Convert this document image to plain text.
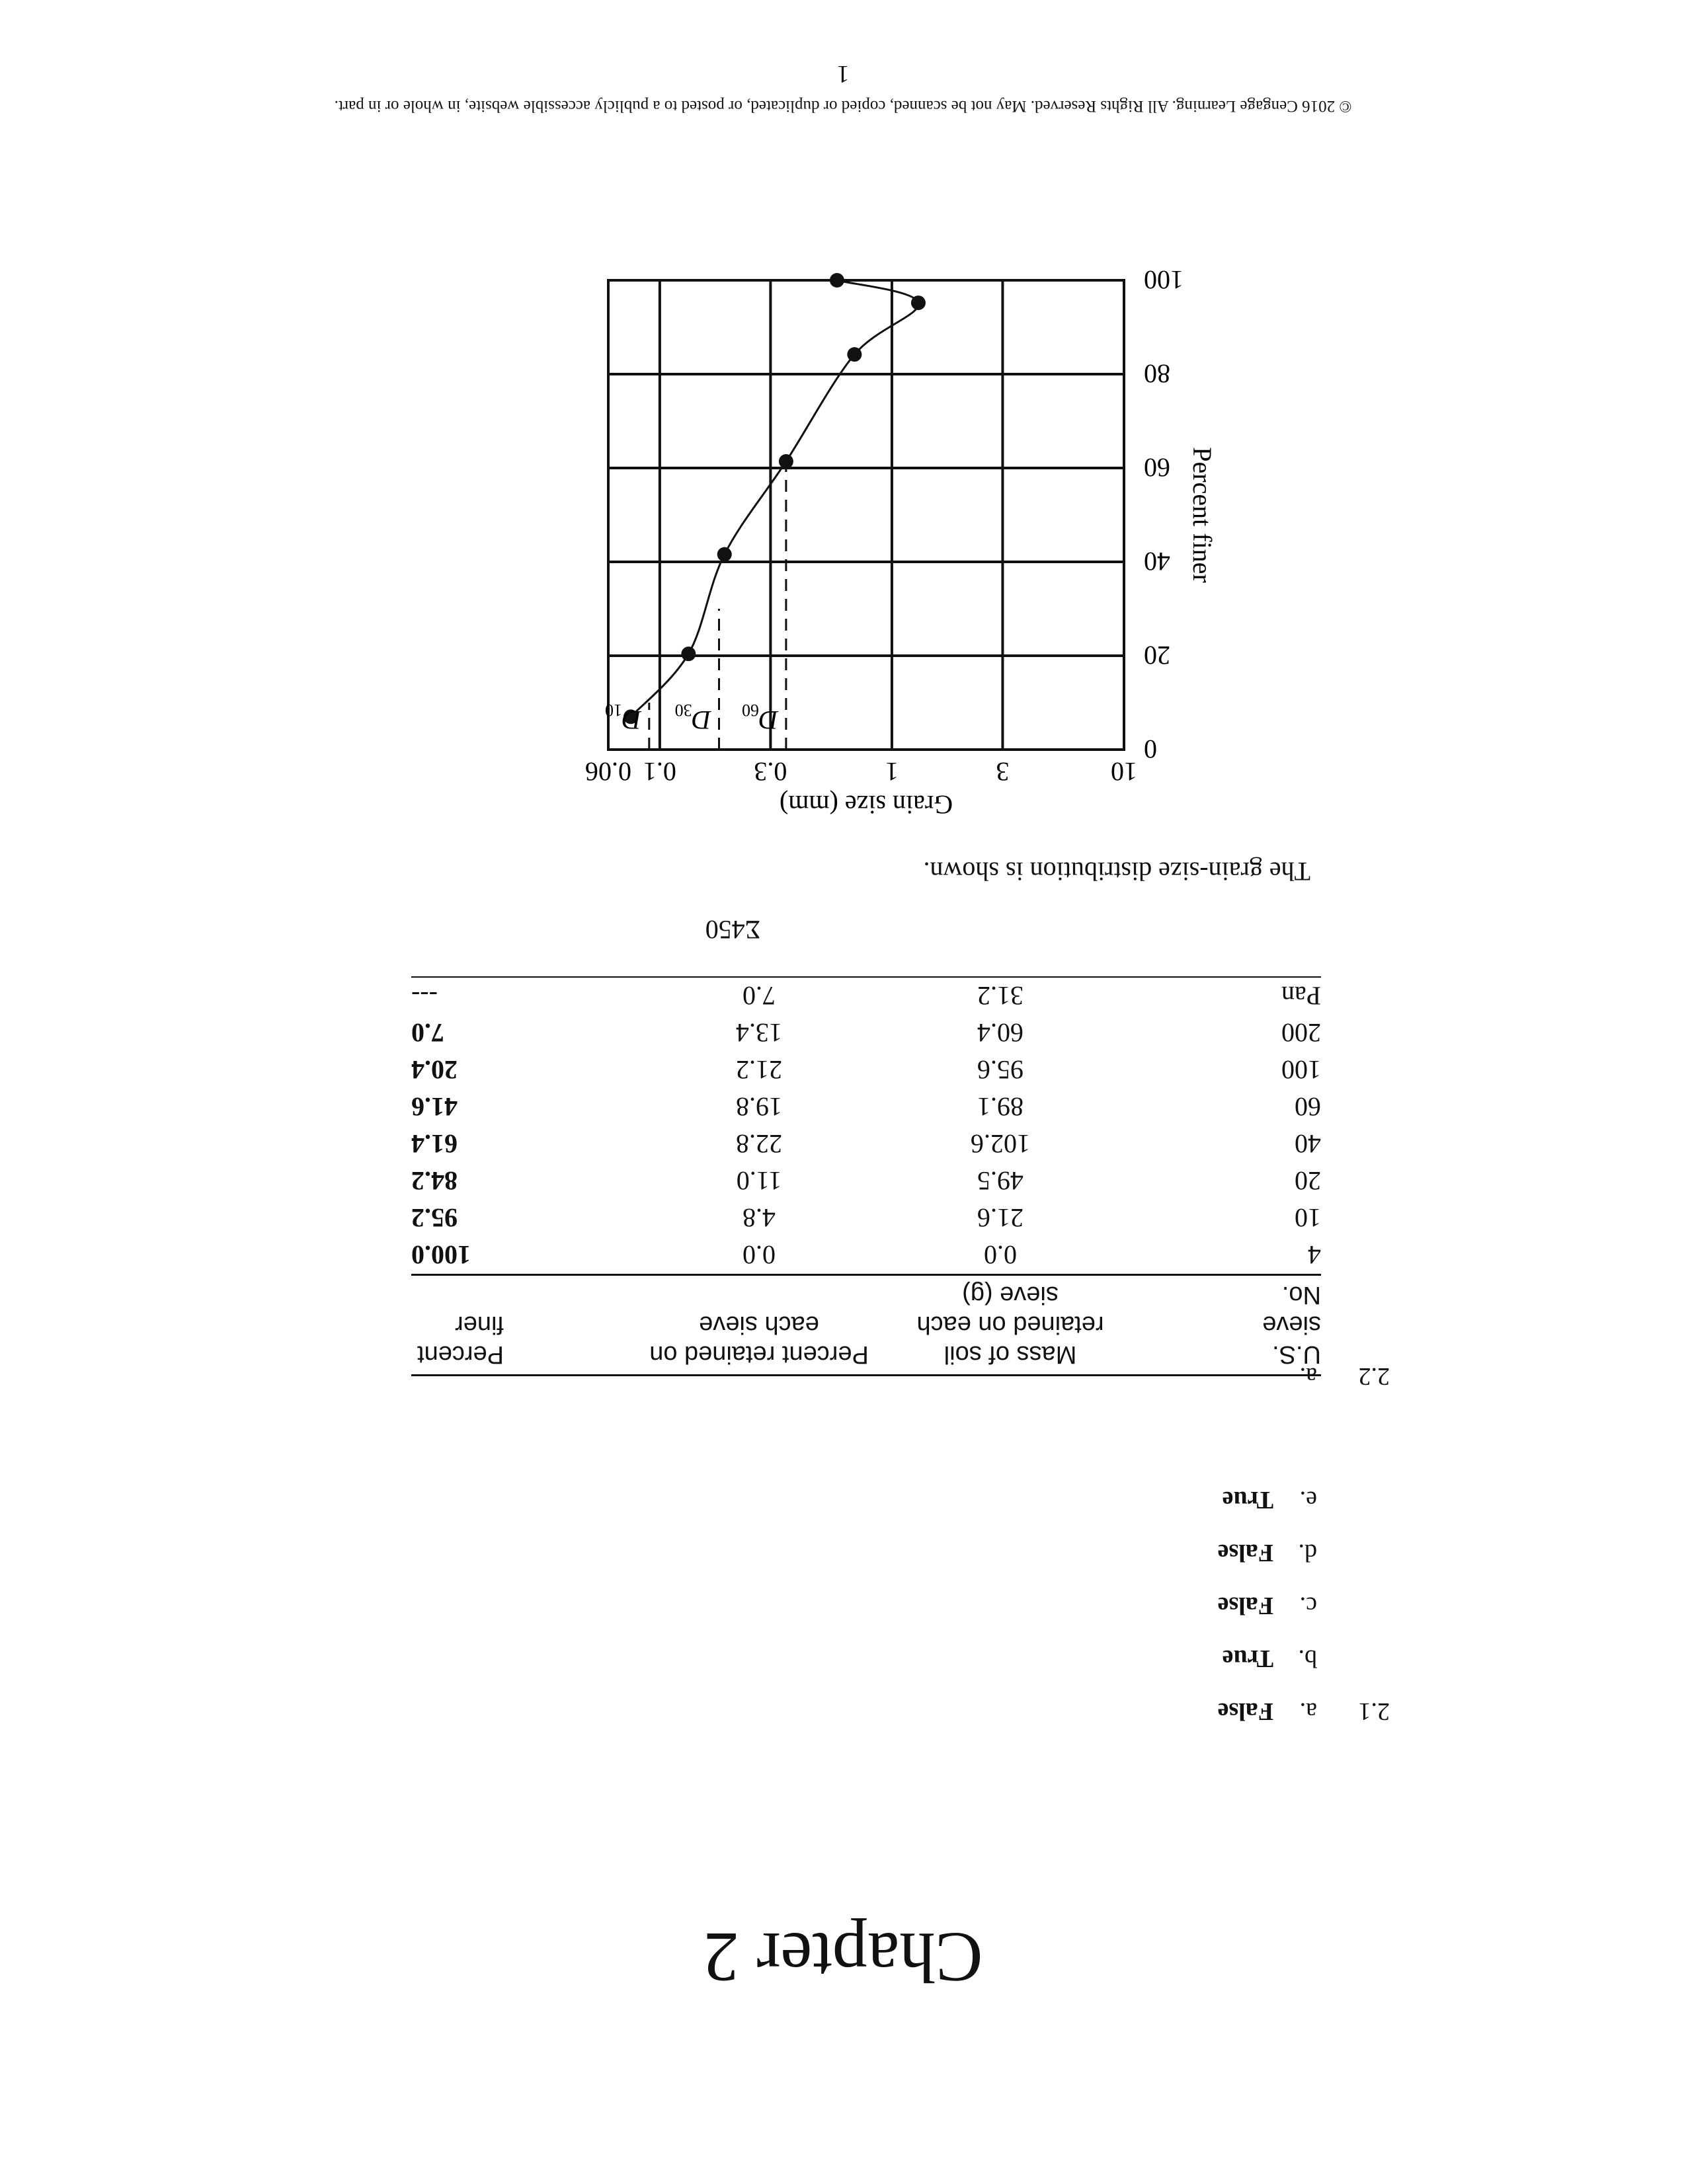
Chapter 2
2.1
a.
False
b.
True
c.
False
d.
False
e.
True
2.2
a.
U.S. sieve No.	Mass of soil retained on each sieve (g)	Percent retained on each sieve	Percent finer

4	0.0	0.0	100.0
10	21.6	4.8	95.2
20	49.5	11.0	84.2
40	102.6	22.8	61.4
60	89.1	19.8	41.6
100	95.6	21.2	20.4
200	60.4	13.4	7.0
Pan	31.2	7.0	---
Σ450
The grain-size distribution is shown.
$D_{60}$
$D_{30}$
$D_{10}$
10
3
1
0.3
0.1
0.06
0
20
40
60
80
100
Percent finer
Grain size (mm)
© 2016 Cengage Learning. All Rights Reserved. May not be scanned, copied or duplicated, or posted to a publicly accessible website, in whole or in part.
1
